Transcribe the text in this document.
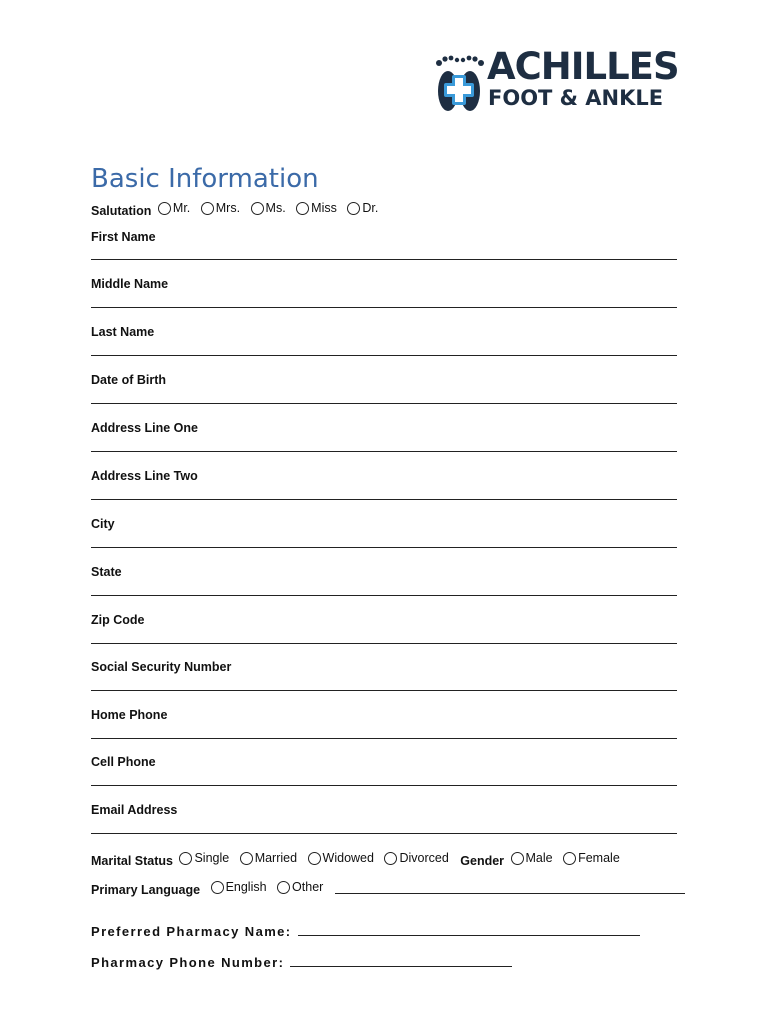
ACHILLES
FOOT & ANKLE
Basic Information
Salutation Mr.
Mrs.
Ms.
Miss
Dr.
First Name
Middle Name
Last Name
Date of Birth
Address Line One
Address Line Two
City
State
Zip Code
Social Security Number
Home Phone
Cell Phone
Email Address
Marital Status Single
Married
Widowed
Divorced Gender Male
Female
Primary Language English
Other

Preferred Pharmacy Name:
Pharmacy Phone Number:
